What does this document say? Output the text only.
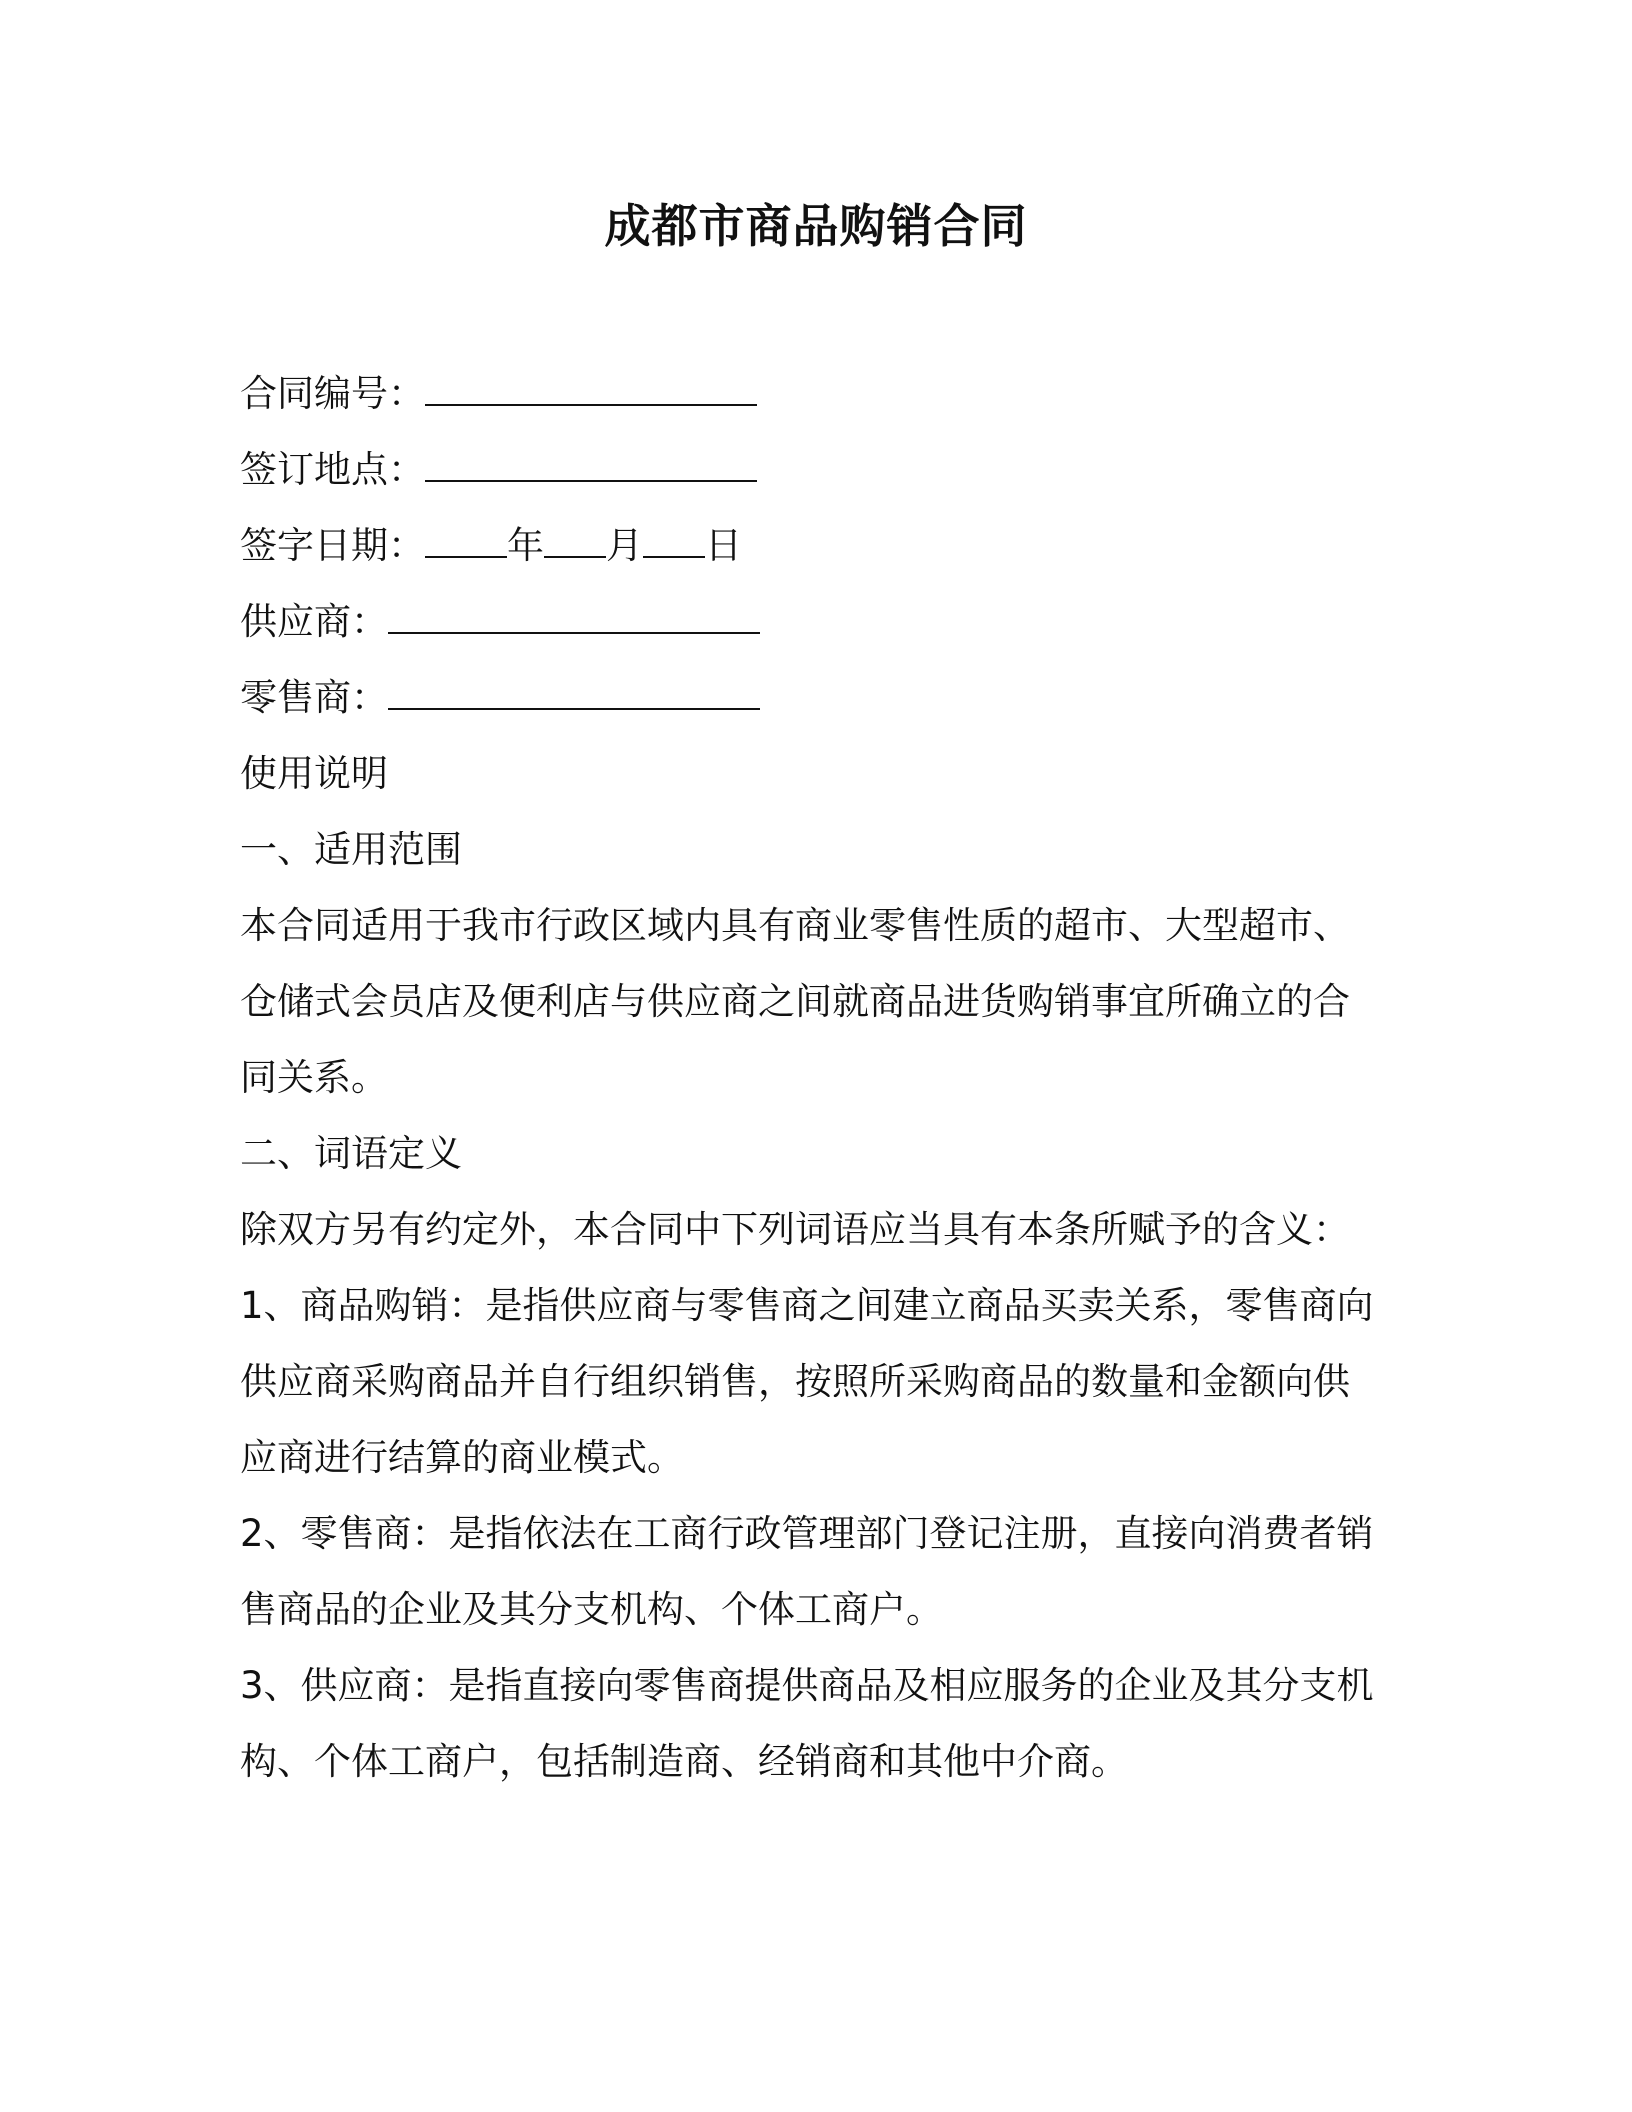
成都市商品购销合同
合同编号：
签订地点：
签字日期： 年 月 日
供应商：
零售商：
使用说明
一、适用范围
本合同适用于我市行政区域内具有商业零售性质的超市、大型超市、
仓储式会员店及便利店与供应商之间就商品进货购销事宜所确立的合
同关系。
二、词语定义
除双方另有约定外，本合同中下列词语应当具有本条所赋予的含义：
1、商品购销：是指供应商与零售商之间建立商品买卖关系，零售商向
供应商采购商品并自行组织销售，按照所采购商品的数量和金额向供
应商进行结算的商业模式。
2、零售商：是指依法在工商行政管理部门登记注册，直接向消费者销
售商品的企业及其分支机构、个体工商户。
3、供应商：是指直接向零售商提供商品及相应服务的企业及其分支机
构、个体工商户，包括制造商、经销商和其他中介商。
